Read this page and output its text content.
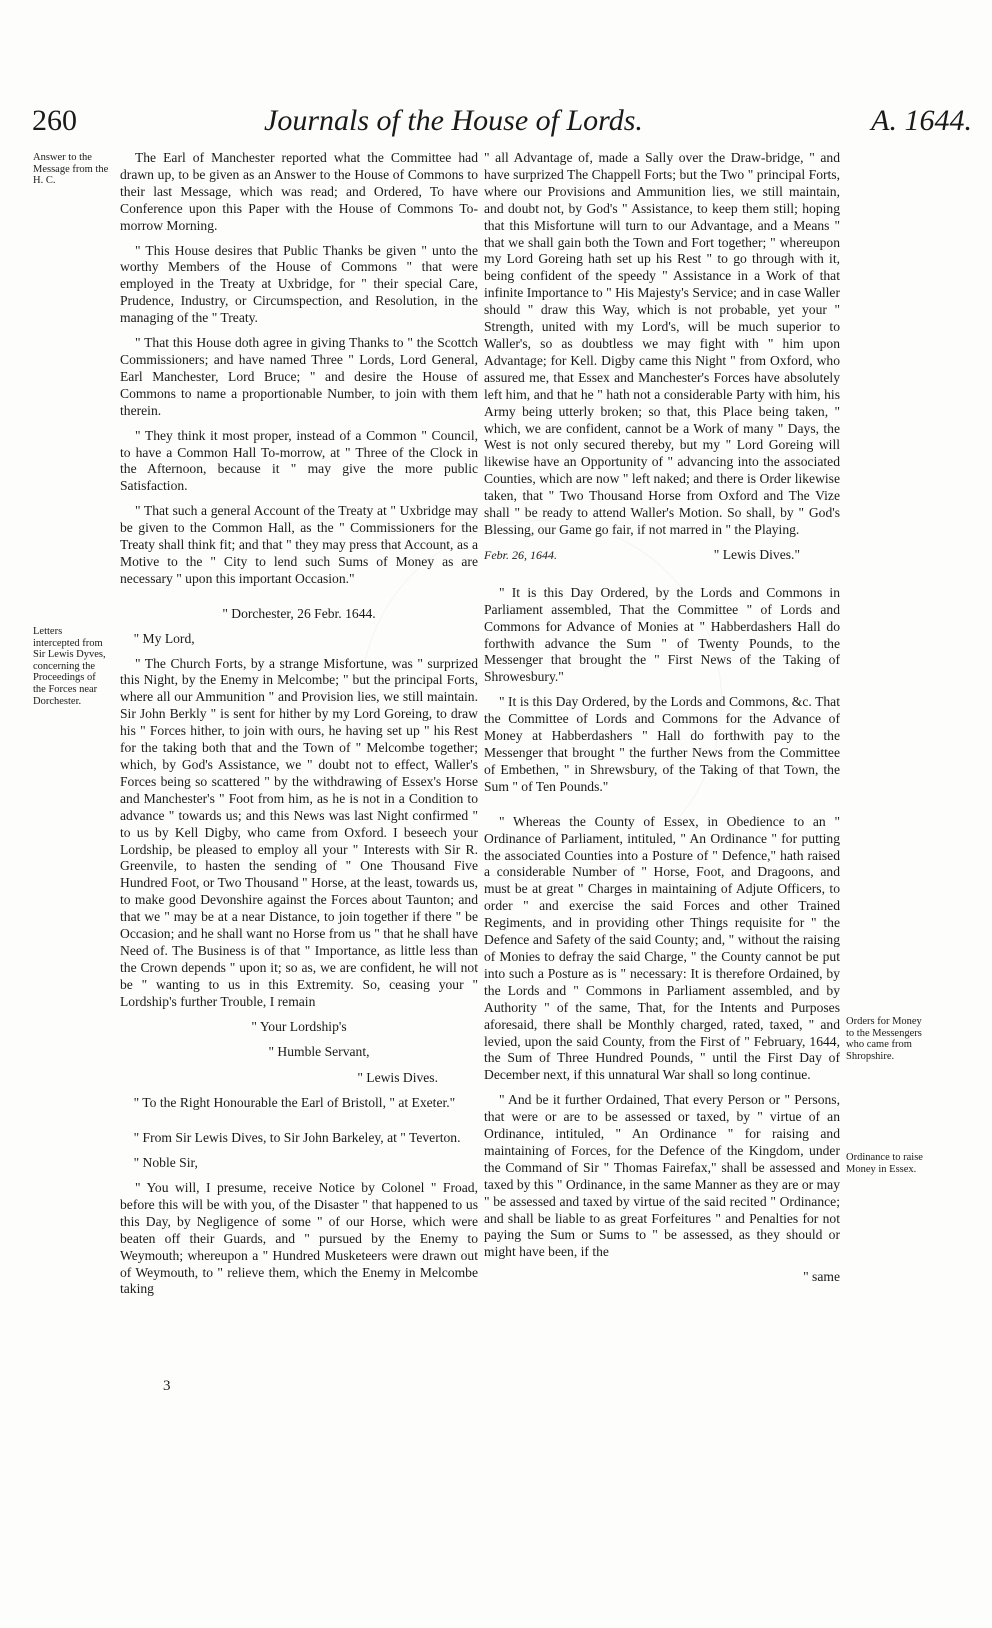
260	Journals of the House of Lords.	A. 1644.
Answer to the Message from the H. C.
Letters intercepted from Sir Lewis Dyves, concerning the Proceedings of the Forces near Dorchester.
Orders for Money to the Messengers who came from Shropshire.
Ordinance to raise Money in Essex.

The Earl of Manchester reported what the Committee had drawn up, to be given as an Answer to the House of Commons to their last Message, which was read; and Ordered, To have Conference upon this Paper with the House of Commons To-morrow Morning.

" This House desires that Public Thanks be given " unto the worthy Members of the House of Commons " that were employed in the Treaty at Uxbridge, for " their special Care, Prudence, Industry, or Circumspection, and Resolution, in the managing of the " Treaty.

" That this House doth agree in giving Thanks to " the Scottch Commissioners; and have named Three " Lords, Lord General, Earl Manchester, Lord Bruce; " and desire the House of Commons to name a proportionable Number, to join with them therein.

" They think it most proper, instead of a Common " Council, to have a Common Hall To-morrow, at " Three of the Clock in the Afternoon, because it " may give the more public Satisfaction.

" That such a general Account of the Treaty at " Uxbridge may be given to the Common Hall, as the " Commissioners for the Treaty shall think fit; and that " they may press that Account, as a Motive to the " City to lend such Sums of Money as are necessary " upon this important Occasion."

" Dorchester, 26 Febr. 1644.

" My Lord,

" The Church Forts, by a strange Misfortune, was " surprized this Night, by the Enemy in Melcombe; " but the principal Forts, where all our Ammunition " and Provision lies, we still maintain. Sir John Berkly " is sent for hither by my Lord Goreing, to draw his " Forces hither, to join with ours, he having set up " his Rest for the taking both that and the Town of " Melcombe together; which, by God's Assistance, we " doubt not to effect, Waller's Forces being so scattered " by the withdrawing of Essex's Horse and Manchester's " Foot from him, as he is not in a Condition to advance " towards us; and this News was last Night confirmed " to us by Kell Digby, who came from Oxford. I beseech your Lordship, be pleased to employ all your " Interests with Sir R. Greenvile, to hasten the sending of " One Thousand Five Hundred Foot, or Two Thousand " Horse, at the least, towards us, to make good Devonshire against the Forces about Taunton; and that we " may be at a near Distance, to join together if there " be Occasion; and he shall want no Horse from us " that he shall have Need of. The Business is of that " Importance, as little less than the Crown depends " upon it; so as, we are confident, he will not be " wanting to us in this Extremity. So, ceasing your " Lordship's further Trouble, I remain

" Your Lordship's

" Humble Servant,

" Lewis Dives.

" To the Right Honourable the Earl of Bristoll, " at Exeter."

" From Sir Lewis Dives, to Sir John Barkeley, at " Teverton.

" Noble Sir,

" You will, I presume, receive Notice by Colonel " Froad, before this will be with you, of the Disaster " that happened to us this Day, by Negligence of some " of our Horse, which were beaten off their Guards, and " pursued by the Enemy to Weymouth; whereupon a " Hundred Musketeers were drawn out of Weymouth, to " relieve them, which the Enemy in Melcombe taking

" all Advantage of, made a Sally over the Draw-bridge, " and have surprized The Chappell Forts; but the Two " principal Forts, where our Provisions and Ammunition lies, we still maintain, and doubt not, by God's " Assistance, to keep them still; hoping that this Misfortune will turn to our Advantage, and a Means " that we shall gain both the Town and Fort together; " whereupon my Lord Goreing hath set up his Rest " to go through with it, being confident of the speedy " Assistance in a Work of that infinite Importance to " His Majesty's Service; and in case Waller should " draw this Way, which is not probable, yet your " Strength, united with my Lord's, will be much superior to Waller's, so as doubtless we may fight with " him upon Advantage; for Kell. Digby came this Night " from Oxford, who assured me, that Essex and Manchester's Forces have absolutely left him, and that he " hath not a considerable Party with him, his Army being utterly broken; so that, this Place being taken, " which, we are confident, cannot be a Work of many " Days, the West is not only secured thereby, but my " Lord Goreing will likewise have an Opportunity of " advancing into the associated Counties, which are now " left naked; and there is Order likewise taken, that " Two Thousand Horse from Oxford and The Vize shall " be ready to attend Waller's Motion. So shall, by " God's Blessing, our Game go fair, if not marred in " the Playing.

Febr. 26, 1644.	" Lewis Dives."

" It is this Day Ordered, by the Lords and Commons in Parliament assembled, That the Committee " of Lords and Commons for Advance of Monies at " Habberdashers Hall do forthwith advance the Sum " of Twenty Pounds, to the Messenger that brought the " First News of the Taking of Shrowesbury."

" It is this Day Ordered, by the Lords and Commons, &c. That the Committee of Lords and Commons for the Advance of Money at Habberdashers " Hall do forthwith pay to the Messenger that brought " the further News from the Committee of Embethen, " in Shrewsbury, of the Taking of that Town, the Sum " of Ten Pounds."

" Whereas the County of Essex, in Obedience to an " Ordinance of Parliament, intituled, " An Ordinance " for putting the associated Counties into a Posture of " Defence," hath raised a considerable Number of " Horse, Foot, and Dragoons, and must be at great " Charges in maintaining of Adjute Officers, to order " and exercise the said Forces and other Trained Regiments, and in providing other Things requisite for " the Defence and Safety of the said County; and, " without the raising of Monies to defray the said Charge, " the County cannot be put into such a Posture as is " necessary: It is therefore Ordained, by the Lords and " Commons in Parliament assembled, and by Authority " of the same, That, for the Intents and Purposes aforesaid, there shall be Monthly charged, rated, taxed, " and levied, upon the said County, from the First of " February, 1644, the Sum of Three Hundred Pounds, " until the First Day of December next, if this unnatural War shall so long continue.

" And be it further Ordained, That every Person or " Persons, that were or are to be assessed or taxed, by " virtue of an Ordinance, intituled, " An Ordinance " for raising and maintaining of Forces, for the Defence of the Kingdom, under the Command of Sir " Thomas Fairefax," shall be assessed and taxed by this " Ordinance, in the same Manner as they are or may " be assessed and taxed by virtue of the said recited " Ordinance; and shall be liable to as great Forfeitures " and Penalties for not paying the Sum or Sums to " be assessed, as they should or might have been, if the

" same

3
